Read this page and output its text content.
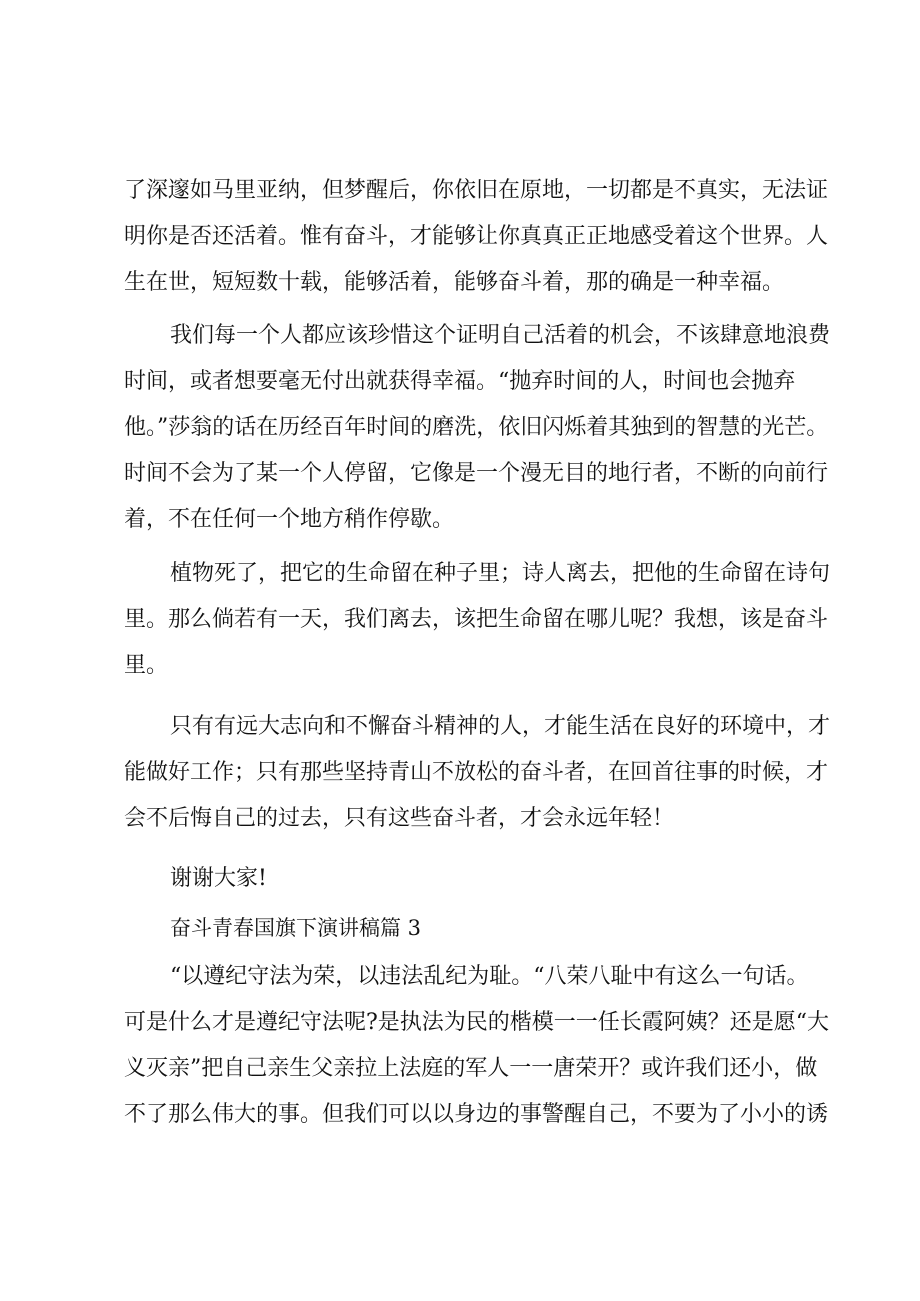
了深邃如马里亚纳，但梦醒后，你依旧在原地，一切都是不真实，无法证
明你是否还活着。惟有奋斗，才能够让你真真正正地感受着这个世界。人
生在世，短短数十载，能够活着，能够奋斗着，那的确是一种幸福。
我们每一个人都应该珍惜这个证明自己活着的机会，不该肆意地浪费
时间，或者想要毫无付出就获得幸福。“抛弃时间的人，时间也会抛弃
他。”莎翁的话在历经百年时间的磨洗，依旧闪烁着其独到的智慧的光芒。
时间不会为了某一个人停留，它像是一个漫无目的地行者，不断的向前行
着，不在任何一个地方稍作停歇。
植物死了，把它的生命留在种子里；诗人离去，把他的生命留在诗句
里。那么倘若有一天，我们离去，该把生命留在哪儿呢？我想，该是奋斗
里。
只有有远大志向和不懈奋斗精神的人，才能生活在良好的环境中，才
能做好工作；只有那些坚持青山不放松的奋斗者，在回首往事的时候，才
会不后悔自己的过去，只有这些奋斗者，才会永远年轻！
谢谢大家!
奋斗青春国旗下演讲稿篇 3
“以遵纪守法为荣，以违法乱纪为耻。“八荣八耻中有这么一句话。
可是什么才是遵纪守法呢?是执法为民的楷模一一任长霞阿姨？还是愿“大
义灭亲”把自己亲生父亲拉上法庭的军人一一唐荣开？或许我们还小，做
不了那么伟大的事。但我们可以以身边的事警醒自己，不要为了小小的诱
